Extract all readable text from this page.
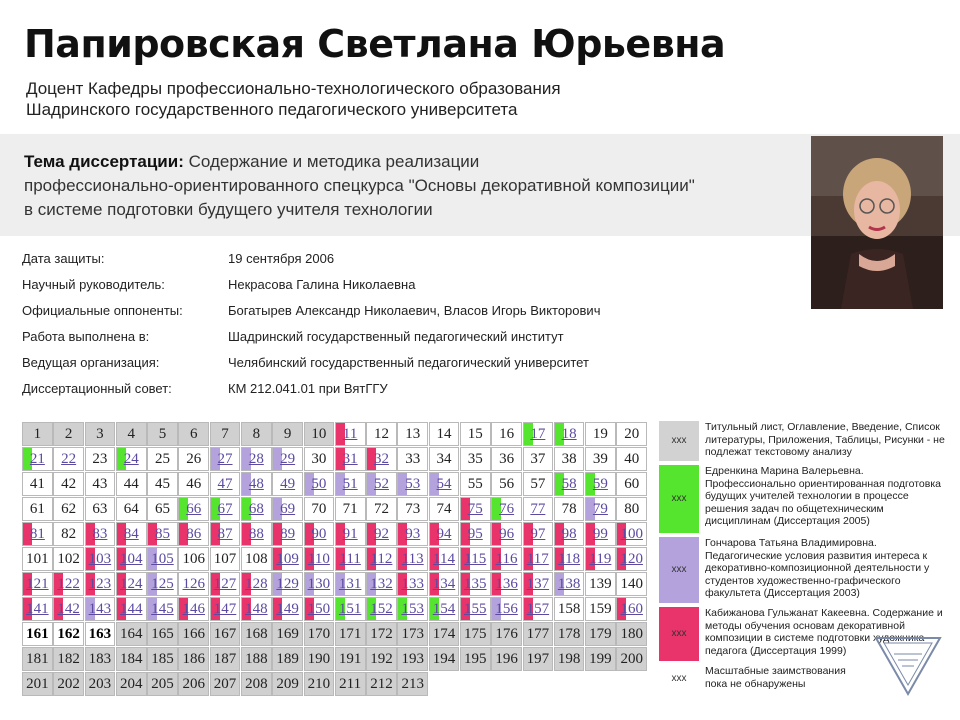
Папировская Светлана Юрьевна
Доцент Кафедры профессионально-технологического образования
Шадринского государственного педагогического университета
Тема диссертации: Содержание и методика реализации
профессионально-ориентированного спецкурса "Основы декоративной композиции"
в системе подготовки будущего учителя технологии
Дата защиты:	19 сентября 2006
Научный руководитель:	Некрасова Галина Николаевна
Официальные оппоненты:	Богатырев Александр Николаевич, Власов Игорь Викторович
Работа выполнена в:	Шадринский государственный педагогический институт
Ведущая организация:	Челябинский государственный педагогический университет
Диссертационный совет:	КМ 212.041.01 при ВятГГУ
1	2	3	4	5	6	7	8	9	10	11	12	13	14	15	16	17	18	19	20
21	22	23	24	25	26	27	28	29	30	31	32	33	34	35	36	37	38	39	40
41	42	43	44	45	46	47	48	49	50	51	52	53	54	55	56	57	58	59	60
61	62	63	64	65	66	67	68	69	70	71	72	73	74	75	76	77	78	79	80
81	82	83	84	85	86	87	88	89	90	91	92	93	94	95	96	97	98	99 100
101 102 103 104 105 106 107 108 109 110 111 112 113 114 115 116 117 118 119 120
121 122 123 124 125 126 127 128 129 130 131 132 133 134 135 136 137 138 139 140
141 142 143 144 145 146 147 148 149 150 151 152 153 154 155 156 157 158 159 160
161 162 163 164 165 166 167 168 169 170 171 172 173 174 175 176 177 178 179 180
181 182 183 184 185 186 187 188 189 190 191 192 193 194 195 196 197 198 199 200
201 202 203 204 205 206 207 208 209 210 211 212 213
xxx
Титульный лист, Оглавление, Введение, Список литературы, Приложения, Таблицы, Рисунки - не подлежат текстовому анализу
xxx
Едренкина Марина Валерьевна. Профессионально ориентированная подготовка будущих учителей технологии в процессе решения задач по общетехническим дисциплинам (Диссертация 2005)
xxx
Гончарова Татьяна Владимировна. Педагогические условия развития интереса к декоративно-композиционной деятельности у студентов художественно-графического факультета (Диссертация 2003)
xxx
Кабижанова Гульжанат Какеевна. Содержание и методы обучения основам декоративной композиции в системе подготовки художника-педагога (Диссертация 1999)
xxx
Масштабные заимствования пока не обнаружены
